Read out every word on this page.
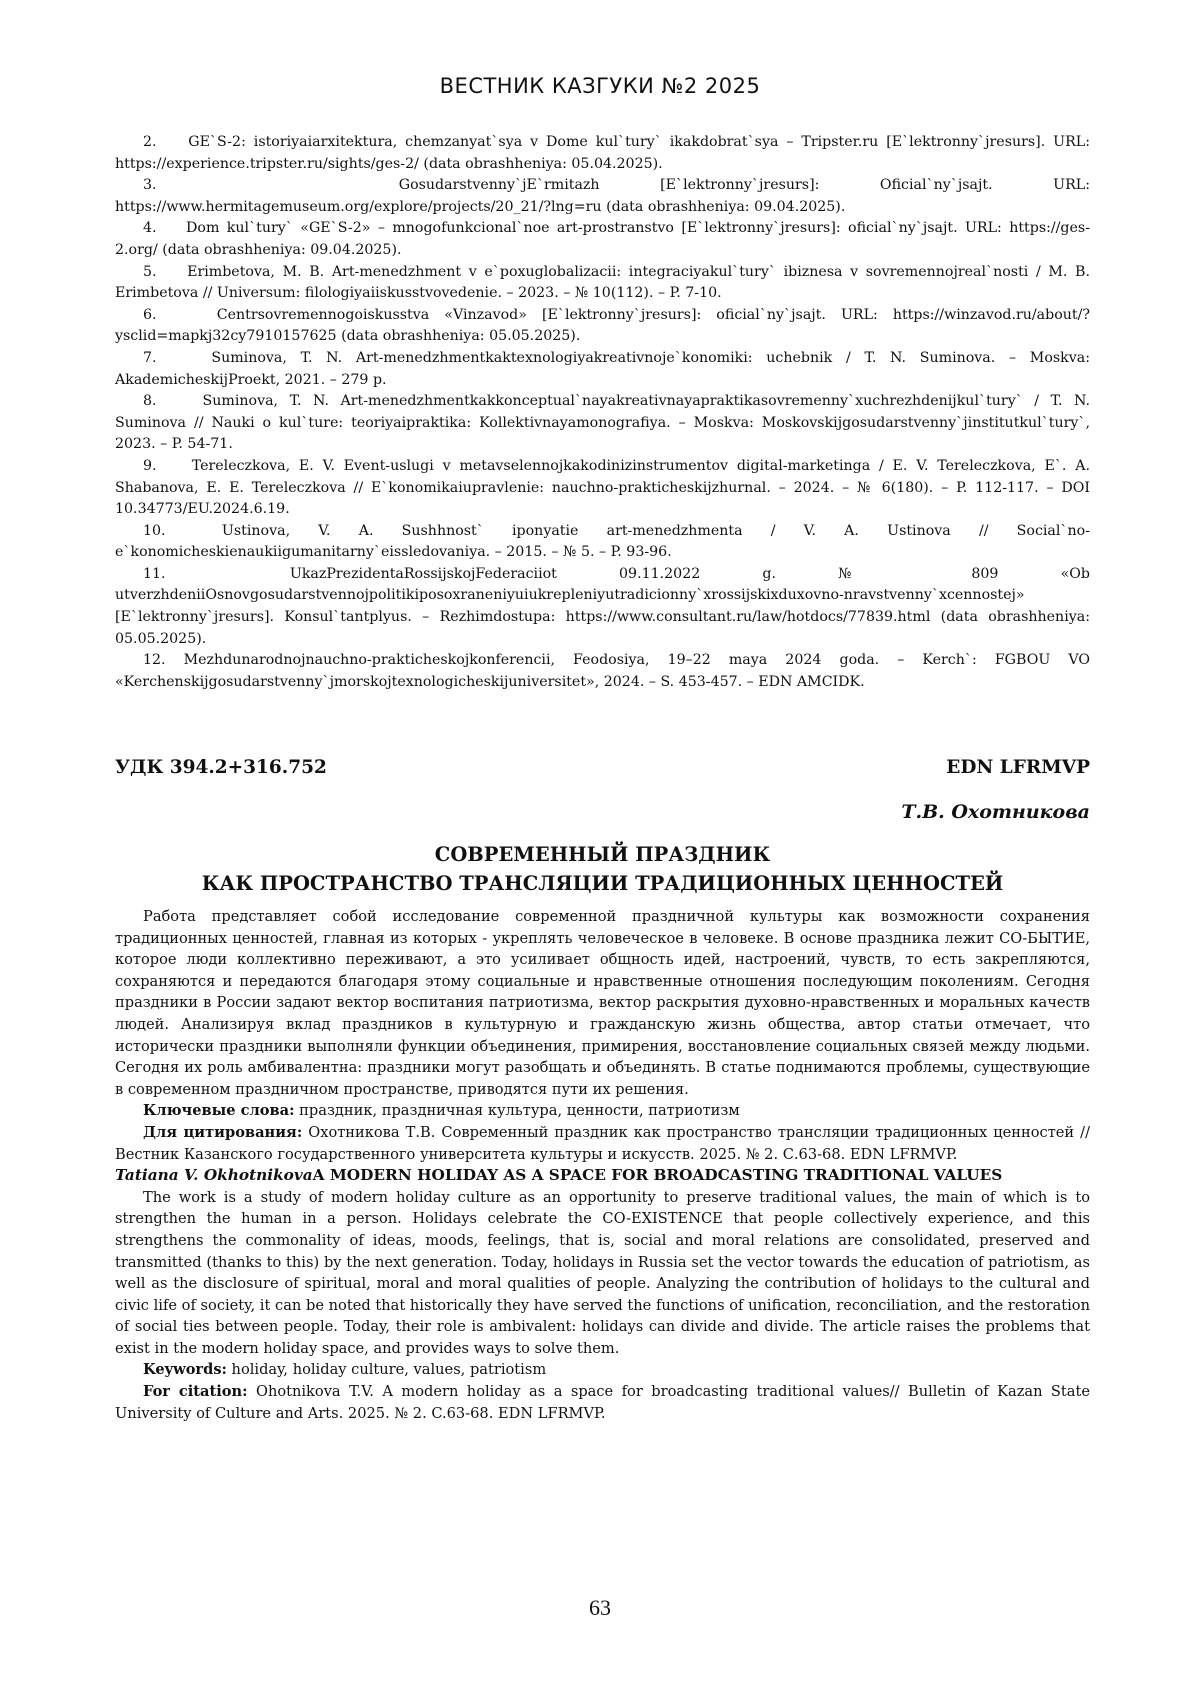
ВЕСТНИК КАЗГУКИ №2 2025

2.    GE`S-2: istoriyaiarxitektura, chemzanyat`sya v Dome kul`tury` ikakdobrat`sya – Tripster.ru [E`lektronny`jresurs]. URL: https://experience.tripster.ru/sights/ges-2/ (data obrashheniya: 05.04.2025).

3.    Gosudarstvenny`jE`rmitazh [E`lektronny`jresurs]: Oficial`ny`jsajt. URL: https://www.hermitagemuseum.org/explore/projects/20_21/?lng=ru (data obrashheniya: 09.04.2025).

4.    Dom kul`tury` «GE`S-2» – mnogofunkcional`noe art-prostranstvo [E`lektronny`jresurs]: oficial`ny`jsajt. URL: https://ges-2.org/ (data obrashheniya: 09.04.2025).

5.    Erimbetova, M. B. Art-menedzhment v e`poxuglobalizacii: integraciyakul`tury` ibiznesa v sovremennojreal`nosti / M. B. Erimbetova // Universum: filologiyaiiskusstvovedenie. – 2023. – № 10(112). – P. 7-10.

6.    Centrsovremennogoiskusstva «Vinzavod» [E`lektronny`jresurs]: oficial`ny`jsajt. URL: https://winzavod.ru/about/?ysclid=mapkj32cy7910157625 (data obrashheniya: 05.05.2025).

7.    Suminova, T. N. Art-menedzhmentkaktexnologiyakreativnoje`konomiki: uchebnik / T. N. Suminova. – Moskva: AkademicheskijProekt, 2021. – 279 p.

8.    Suminova, T. N. Art-menedzhmentkakkonceptual`nayakreativnayapraktikasovremenny`xuchrezhdenijkul`tury` / T. N. Suminova // Nauki o kul`ture: teoriyaipraktika: Kollektivnayamonografiya. – Moskva: Moskovskijgosudarstvenny`jinstitutkul`tury`, 2023. – P. 54-71.

9.    Tereleczkova, E. V. Event-uslugi v metavselennojkakodinizinstrumentov digital-marketinga / E. V. Tereleczkova, E`. A. Shabanova, E. E. Tereleczkova // E`konomikaiupravlenie: nauchno-prakticheskijzhurnal. – 2024. – № 6(180). – P. 112-117. – DOI 10.34773/EU.2024.6.19.

10.  Ustinova, V. A. Sushhnost` iponyatie art-menedzhmenta / V. A. Ustinova // Social`no-e`konomicheskienaukiigumanitarny`eissledovaniya. – 2015. – № 5. – P. 93-96.

11.  UkazPrezidentaRossijskojFederaciiot 09.11.2022 g. № 809 «Ob utverzhdeniiOsnovgosudarstvennojpolitikiposoxraneniyuiukrepleniyutradicionny`xrossijskixduxovno-nravstvenny`xcennostej» [E`lektronny`jresurs]. Konsul`tantplyus. – Rezhimdostupa: https://www.consultant.ru/law/hotdocs/77839.html (data obrashheniya: 05.05.2025).

12. Mezhdunarodnojnauchno-prakticheskojkonferencii, Feodosiya, 19–22 maya 2024 goda. – Kerch`: FGBOU VO «Kerchenskijgosudarstvenny`jmorskojtexnologicheskijuniversitet», 2024. – S. 453-457. – EDN AMCIDK.

УДК 394.2+316.752	EDN LFRMVP
Т.В. Охотникова
СОВРЕМЕННЫЙ ПРАЗДНИК
КАК ПРОСТРАНСТВО ТРАНСЛЯЦИИ ТРАДИЦИОННЫХ ЦЕННОСТЕЙ

Работа представляет собой исследование современной праздничной культуры как возможности сохранения традиционных ценностей, главная из которых - укреплять человеческое в человеке. В основе праздника лежит СО-БЫТИЕ, которое люди коллективно переживают, а это усиливает общность идей, настроений, чувств, то есть закрепляются, сохраняются и передаются благодаря этому социальные и нравственные отношения последующим поколениям. Сегодня праздники в России задают вектор воспитания патриотизма, вектор раскрытия духовно-нравственных и моральных качеств людей. Анализируя вклад праздников в культурную и гражданскую жизнь общества, автор статьи отмечает, что исторически праздники выполняли функции объединения, примирения, восстановление социальных связей между людьми. Сегодня их роль амбивалентна: праздники могут разобщать и объединять. В статье поднимаются проблемы, существующие в современном праздничном пространстве, приводятся пути их решения.

Ключевые слова: праздник, праздничная культура, ценности, патриотизм

Для цитирования: Охотникова Т.В. Современный праздник как пространство трансляции традиционных ценностей // Вестник Казанского государственного университета культуры и искусств. 2025. № 2. С.63-68. EDN LFRMVP.

Tatiana V. OkhotnikovaA MODERN HOLIDAY AS A SPACE FOR BROADCASTING TRADITIONAL VALUES

The work is a study of modern holiday culture as an opportunity to preserve traditional values, the main of which is to strengthen the human in a person. Holidays celebrate the CO-EXISTENCE that people collectively experience, and this strengthens the commonality of ideas, moods, feelings, that is, social and moral relations are consolidated, preserved and transmitted (thanks to this) by the next generation. Today, holidays in Russia set the vector towards the education of patriotism, as well as the disclosure of spiritual, moral and moral qualities of people. Analyzing the contribution of holidays to the cultural and civic life of society, it can be noted that historically they have served the functions of unification, reconciliation, and the restoration of social ties between people. Today, their role is ambivalent: holidays can divide and divide. The article raises the problems that exist in the modern holiday space, and provides ways to solve them.

Keywords: holiday, holiday culture, values, patriotism

For citation: Ohotnikova T.V. A modern holiday as a space for broadcasting traditional values// Bulletin of Kazan State University of Culture and Arts. 2025. № 2. C.63-68. EDN LFRMVP.

63
